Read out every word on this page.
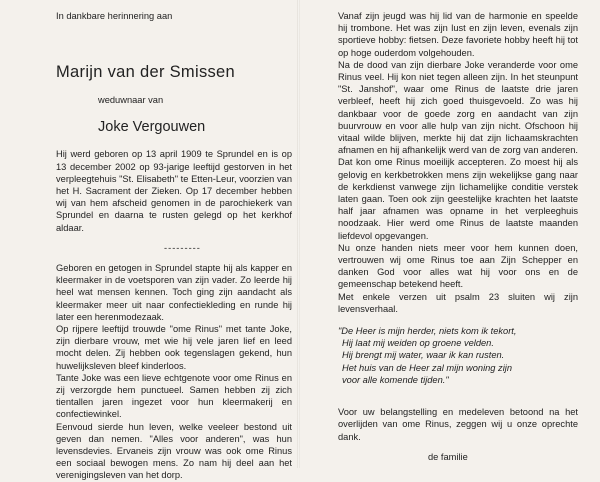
In dankbare herinnering aan
Marijn van der Smissen
weduwnaar van
Joke Vergouwen

Hij werd geboren op 13 april 1909 te Sprundel en is op 13 december 2002 op 93-jarige leeftijd gestorven in het verpleegtehuis "St. Elisabeth" te Etten-Leur, voorzien van het H. Sacrament der Zieken. Op 17 december hebben wij van hem afscheid genomen in de parochiekerk van Sprundel en daarna te rusten gelegd op het kerkhof aldaar.

---------

Geboren en getogen in Sprundel stapte hij als kapper en kleermaker in de voetsporen van zijn vader. Zo leerde hij heel wat mensen kennen. Toch ging zijn aandacht als kleermaker meer uit naar confectiekleding en runde hij later een herenmodezaak.

Op rijpere leeftijd trouwde "ome Rinus" met tante Joke, zijn dierbare vrouw, met wie hij vele jaren lief en leed mocht delen. Zij hebben ook tegenslagen gekend, hun huwelijksleven bleef kinderloos.

Tante Joke was een lieve echtgenote voor ome Rinus en zij verzorgde hem punctueel. Samen hebben zij zich tientallen jaren ingezet voor hun kleermakerij en confectiewinkel.

Eenvoud sierde hun leven, welke veeleer bestond uit geven dan nemen. "Alles voor anderen", was hun levensdevies. Ervaneis zijn vrouw was ook ome Rinus een sociaal bewogen mens. Zo nam hij deel aan het verenigingsleven van het dorp.

Vanaf zijn jeugd was hij lid van de harmonie en speelde hij trombone. Het was zijn lust en zijn leven, evenals zijn sportieve hobby: fietsen. Deze favoriete hobby heeft hij tot op hoge ouderdom volgehouden.

Na de dood van zijn dierbare Joke veranderde voor ome Rinus veel. Hij kon niet tegen alleen zijn. In het steunpunt "St. Janshof", waar ome Rinus de laatste drie jaren verbleef, heeft hij zich goed thuisgevoeld. Zo was hij dankbaar voor de goede zorg en aandacht van zijn buurvrouw en voor alle hulp van zijn nicht. Ofschoon hij vitaal wilde blijven, merkte hij dat zijn lichaamskrachten afnamen en hij afhankelijk werd van de zorg van anderen. Dat kon ome Rinus moeilijk accepteren. Zo moest hij als gelovig en kerkbetrokken mens zijn wekelijkse gang naar de kerkdienst vanwege zijn lichamelijke conditie verstek laten gaan. Toen ook zijn geestelijke krachten het laatste half jaar afnamen was opname in het verpleeghuis noodzaak. Hier werd ome Rinus de laatste maanden liefdevol opgevangen.

Nu onze handen niets meer voor hem kunnen doen, vertrouwen wij ome Rinus toe aan Zijn Schepper en danken God voor alles wat hij voor ons en de gemeenschap betekend heeft.

Met enkele verzen uit psalm 23 sluiten wij zijn levensverhaal.

"De Heer is mijn herder, niets kom ik tekort,

Hij laat mij weiden op groene velden.

Hij brengt mij water, waar ik kan rusten.

Het huis van de Heer zal mijn woning zijn

voor alle komende tijden."

Voor uw belangstelling en medeleven betoond na het overlijden van ome Rinus, zeggen wij u onze oprechte dank.

de familie
